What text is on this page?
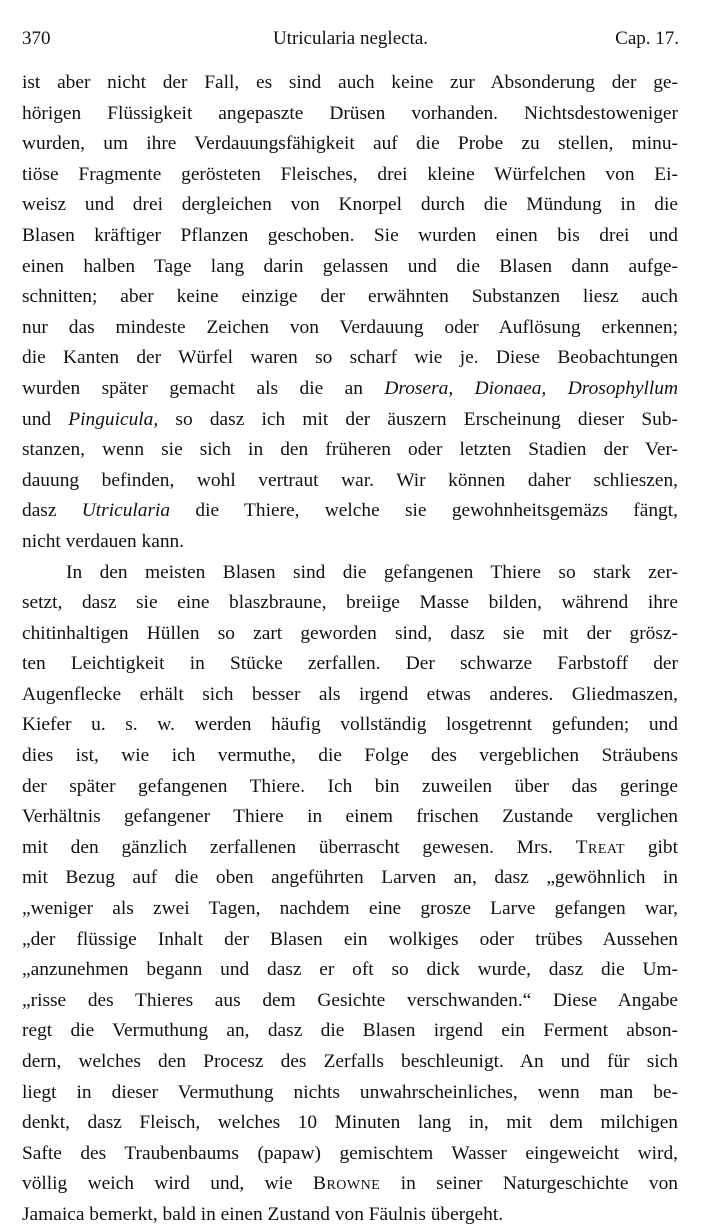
370	Utricularia neglecta.	Cap. 17.
ist aber nicht der Fall, es sind auch keine zur Absonderung der ge-
hörigen Flüssigkeit angepaszte Drüsen vorhanden. Nichtsdestoweniger
wurden, um ihre Verdauungsfähigkeit auf die Probe zu stellen, minu-
tiöse Fragmente gerösteten Fleisches, drei kleine Würfelchen von Ei-
weisz und drei dergleichen von Knorpel durch die Mündung in die
Blasen kräftiger Pflanzen geschoben. Sie wurden einen bis drei und
einen halben Tage lang darin gelassen und die Blasen dann aufge-
schnitten; aber keine einzige der erwähnten Substanzen liesz auch
nur das mindeste Zeichen von Verdauung oder Auflösung erkennen;
die Kanten der Würfel waren so scharf wie je. Diese Beobachtungen
wurden später gemacht als die an Drosera, Dionaea, Drosophyllum
und Pinguicula, so dasz ich mit der äuszern Erscheinung dieser Sub-
stanzen, wenn sie sich in den früheren oder letzten Stadien der Ver-
dauung befinden, wohl vertraut war. Wir können daher schlieszen,
dasz Utricularia die Thiere, welche sie gewohnheitsgemäzs fängt,
nicht verdauen kann.
In den meisten Blasen sind die gefangenen Thiere so stark zer-
setzt, dasz sie eine blaszbraune, breiige Masse bilden, während ihre
chitinhaltigen Hüllen so zart geworden sind, dasz sie mit der grösz-
ten Leichtigkeit in Stücke zerfallen. Der schwarze Farbstoff der
Augenflecke erhält sich besser als irgend etwas anderes. Gliedmaszen,
Kiefer u. s. w. werden häufig vollständig losgetrennt gefunden; und
dies ist, wie ich vermuthe, die Folge des vergeblichen Sträubens
der später gefangenen Thiere. Ich bin zuweilen über das geringe
Verhältnis gefangener Thiere in einem frischen Zustande verglichen
mit den gänzlich zerfallenen überrascht gewesen. Mrs. Treat gibt
mit Bezug auf die oben angeführten Larven an, dasz „gewöhnlich in
„weniger als zwei Tagen, nachdem eine grosze Larve gefangen war,
„der flüssige Inhalt der Blasen ein wolkiges oder trübes Aussehen
„anzunehmen begann und dasz er oft so dick wurde, dasz die Um-
„risse des Thieres aus dem Gesichte verschwanden.“ Diese Angabe
regt die Vermuthung an, dasz die Blasen irgend ein Ferment abson-
dern, welches den Procesz des Zerfalls beschleunigt. An und für sich
liegt in dieser Vermuthung nichts unwahrscheinliches, wenn man be-
denkt, dasz Fleisch, welches 10 Minuten lang in, mit dem milchigen
Safte des Traubenbaums (papaw) gemischtem Wasser eingeweicht wird,
völlig weich wird und, wie Browne in seiner Naturgeschichte von
Jamaica bemerkt, bald in einen Zustand von Fäulnis übergeht.
